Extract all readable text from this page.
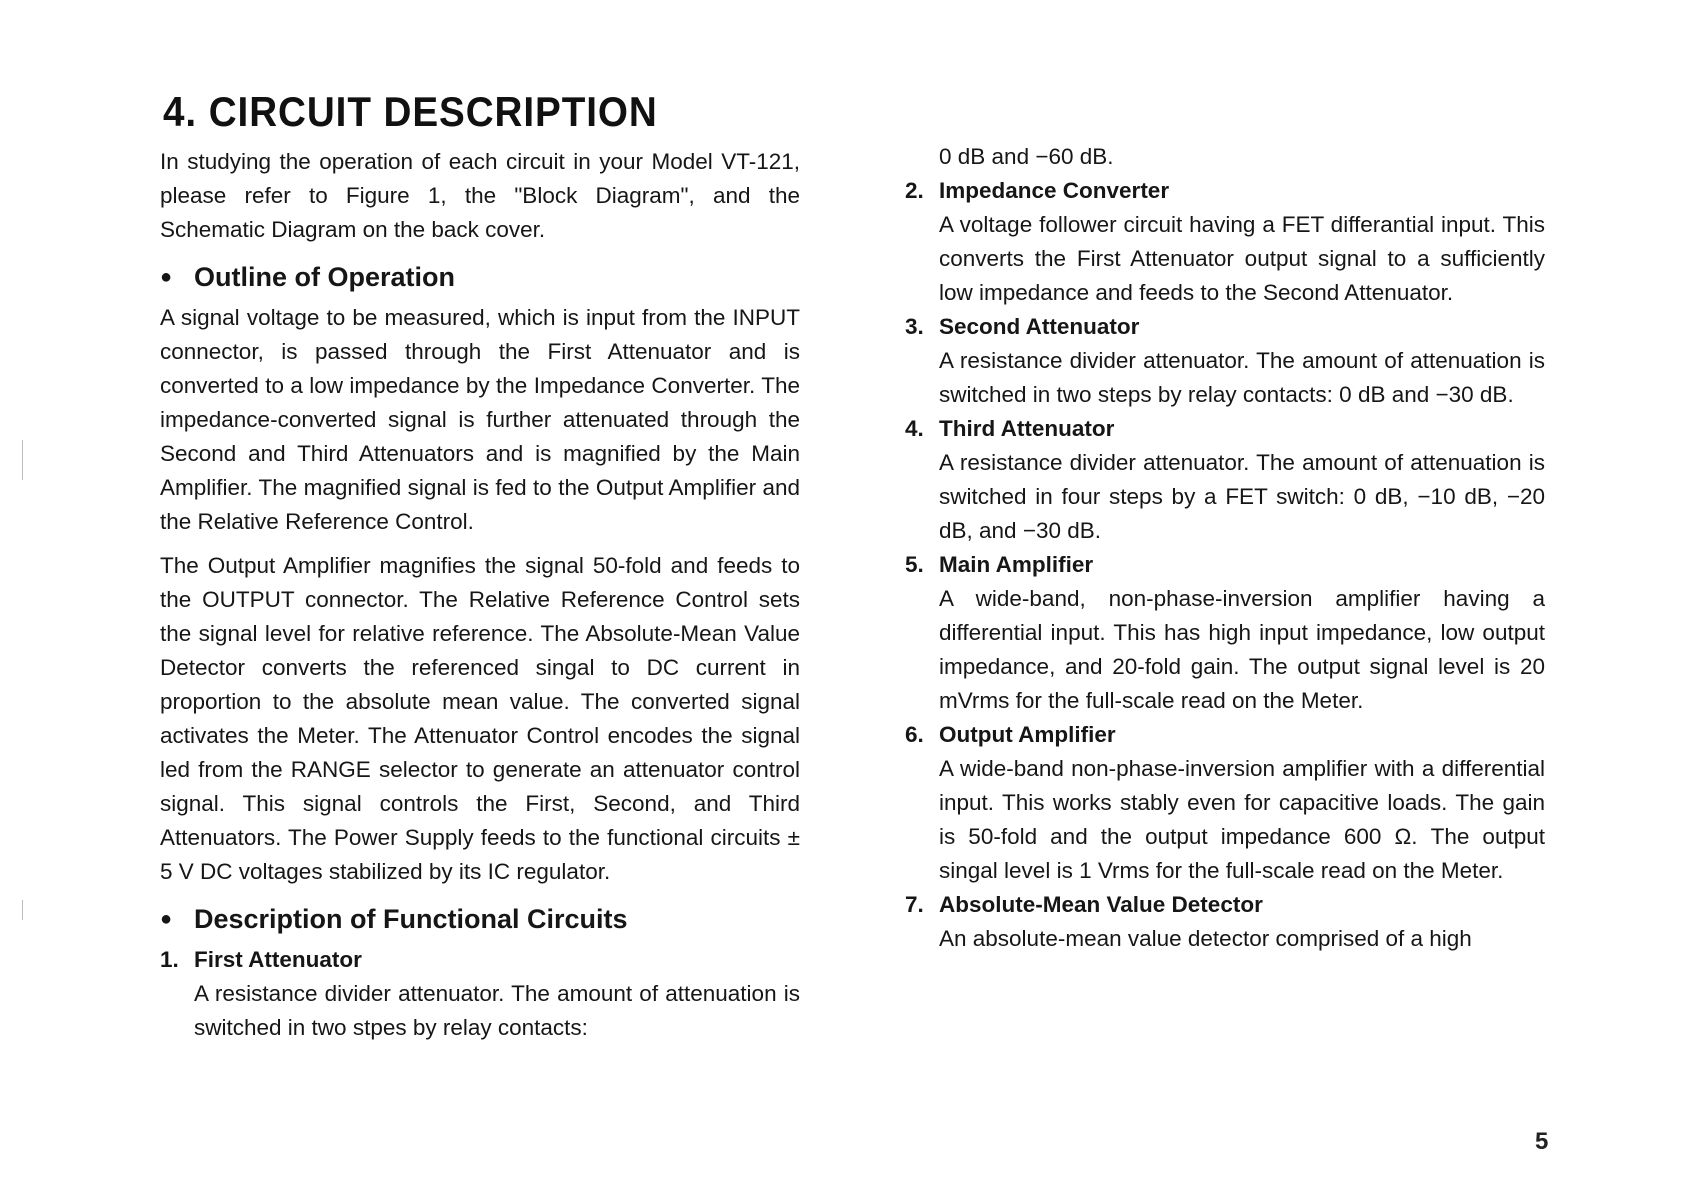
4. CIRCUIT DESCRIPTION

In studying the operation of each circuit in your Model VT-121, please refer to Figure 1, the "Block Diagram", and the Schematic Diagram on the back cover.

● Outline of Operation

A signal voltage to be measured, which is input from the INPUT connector, is passed through the First Attenuator and is converted to a low impedance by the Impedance Converter. The impedance-converted signal is further attenuated through the Second and Third Attenuators and is magnified by the Main Amplifier. The magnified signal is fed to the Output Amplifier and the Relative Reference Control.

The Output Amplifier magnifies the signal 50-fold and feeds to the OUTPUT connector. The Relative Reference Control sets the signal level for relative reference. The Absolute-Mean Value Detector converts the referenced singal to DC current in proportion to the absolute mean value. The converted signal activates the Meter. The Attenuator Control encodes the signal led from the RANGE selector to generate an attenuator control signal. This signal controls the First, Second, and Third Attenuators. The Power Supply feeds to the functional circuits ± 5 V DC voltages stabilized by its IC regulator.

● Description of Functional Circuits
1. First Attenuator

A resistance divider attenuator. The amount of attenuation is switched in two stpes by relay contacts:

0 dB and −60 dB.

2. Impedance Converter

A voltage follower circuit having a FET differantial input. This converts the First Attenuator output signal to a sufficiently low impedance and feeds to the Second Attenuator.

3. Second Attenuator

A resistance divider attenuator. The amount of attenuation is switched in two steps by relay contacts: 0 dB and −30 dB.

4. Third Attenuator

A resistance divider attenuator. The amount of attenuation is switched in four steps by a FET switch: 0 dB, −10 dB, −20 dB, and −30 dB.

5. Main Amplifier

A wide-band, non-phase-inversion amplifier having a differential input. This has high input impedance, low output impedance, and 20-fold gain. The output signal level is 20 mVrms for the full-scale read on the Meter.

6. Output Amplifier

A wide-band non-phase-inversion amplifier with a differential input. This works stably even for capacitive loads. The gain is 50-fold and the output impedance 600 Ω. The output singal level is 1 Vrms for the full-scale read on the Meter.

7. Absolute-Mean Value Detector

An absolute-mean value detector comprised of a high

5
